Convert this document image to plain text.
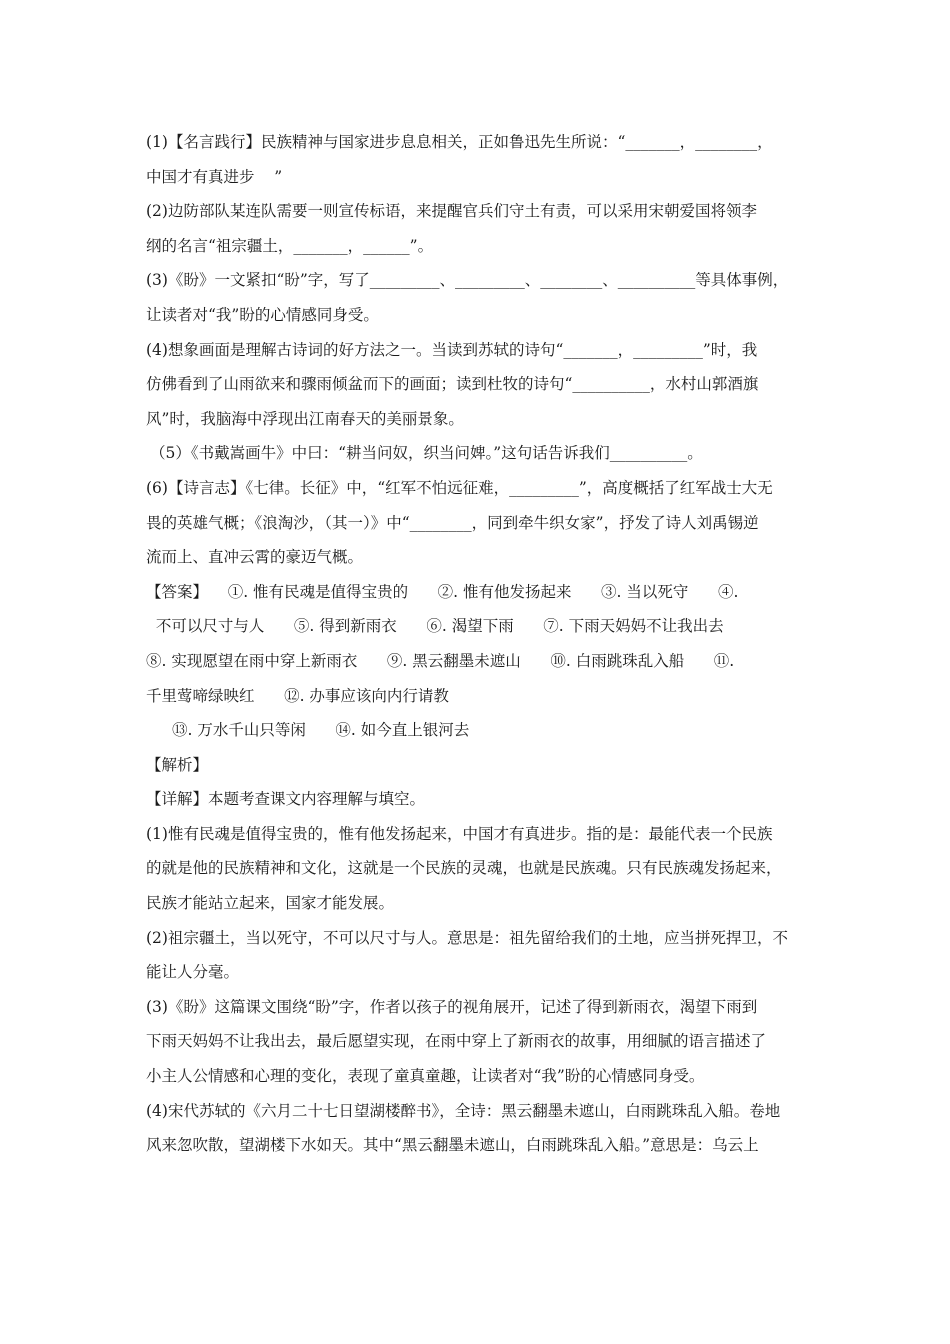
(1)【名言践行】民族精神与国家进步息息相关，正如鲁迅先生所说：“_______，________，

中国才有真进步    ”

(2)边防部队某连队需要一则宣传标语，来提醒官兵们守土有责，可以采用宋朝爱国将领李

纲的名言“祖宗疆土，_______，______”。

(3)《盼》一文紧扣“盼”字，写了_________、_________、________、__________等具体事例，

让读者对“我”盼的心情感同身受。

(4)想象画面是理解古诗词的好方法之一。当读到苏轼的诗句“_______，_________”时，我

仿佛看到了山雨欲来和骤雨倾盆而下的画面；读到杜牧的诗句“__________，水村山郭酒旗

风”时，我脑海中浮现出江南春天的美丽景象。

（5）《书戴嵩画牛》中曰：“耕当问奴，织当问婢。”这句话告诉我们__________。

(6)【诗言志】《七律。长征》中，“红军不怕远征难，_________”，高度概括了红军战士大无

畏的英雄气概；《浪淘沙，（其一）》中“________，同到牵牛织女家”，抒发了诗人刘禹锡逆

流而上、直冲云霄的豪迈气概。

【答案】    ①. 惟有民魂是值得宝贵的      ②. 惟有他发扬起来      ③. 当以死守      ④.

不可以尺寸与人      ⑤. 得到新雨衣      ⑥. 渴望下雨      ⑦. 下雨天妈妈不让我出去

⑧. 实现愿望在雨中穿上新雨衣      ⑨. 黑云翻墨未遮山      ⑩. 白雨跳珠乱入船      ⑪.

千里莺啼绿映红      ⑫. 办事应该向内行请教

⑬. 万水千山只等闲      ⑭. 如今直上银河去

【解析】

【详解】本题考查课文内容理解与填空。

(1)惟有民魂是值得宝贵的，惟有他发扬起来，中国才有真进步。指的是：最能代表一个民族

的就是他的民族精神和文化，这就是一个民族的灵魂，也就是民族魂。只有民族魂发扬起来，

民族才能站立起来，国家才能发展。

(2)祖宗疆土，当以死守，不可以尺寸与人。意思是：祖先留给我们的土地，应当拼死捍卫，不

能让人分毫。

(3)《盼》这篇课文围绕“盼”字，作者以孩子的视角展开，记述了得到新雨衣，渴望下雨到

下雨天妈妈不让我出去，最后愿望实现，在雨中穿上了新雨衣的故事，用细腻的语言描述了

小主人公情感和心理的变化，表现了童真童趣，让读者对“我”盼的心情感同身受。

(4)宋代苏轼的《六月二十七日望湖楼醉书》，全诗：黑云翻墨未遮山，白雨跳珠乱入船。卷地

风来忽吹散，望湖楼下水如天。其中“黑云翻墨未遮山，白雨跳珠乱入船。”意思是：乌云上
